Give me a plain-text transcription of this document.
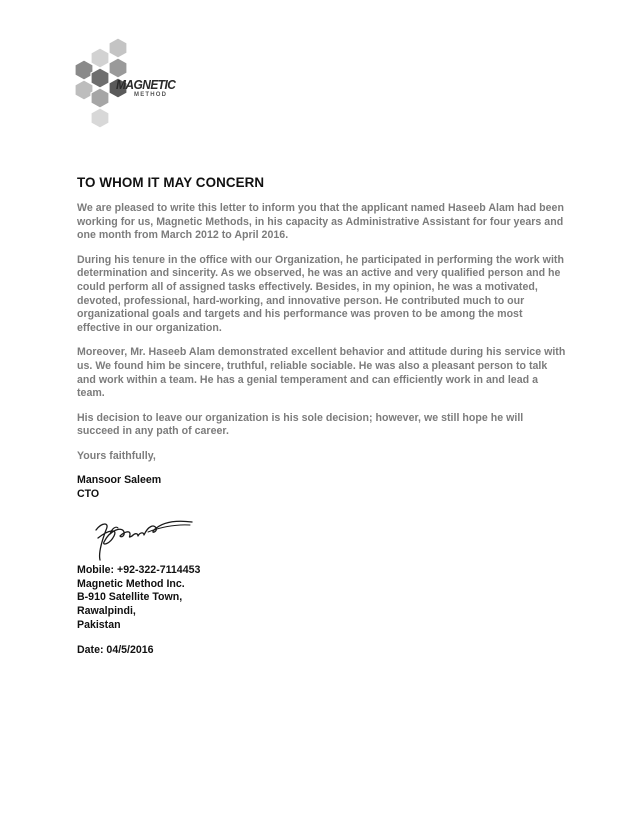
MAGNETIC
METHOD
TO WHOM IT MAY CONCERN

We are pleased to write this letter to inform you that the applicant named Haseeb Alam had been working for us, Magnetic Methods, in his capacity as Administrative Assistant for four years and one month from March 2012 to April 2016.

During his tenure in the office with our Organization, he participated in performing the work with determination and sincerity. As we observed, he was an active and very qualified person and he could perform all of assigned tasks effectively. Besides, in my opinion, he was a motivated, devoted, professional, hard-working, and innovative person. He contributed much to our organizational goals and targets and his performance was proven to be among the most effective in our organization.

Moreover, Mr. Haseeb Alam demonstrated excellent behavior and attitude during his service with us. We found him be sincere, truthful, reliable sociable. He was also a pleasant person to talk and work within a team. He has a genial temperament and can efficiently work in and lead a team.

His decision to leave our organization is his sole decision; however, we still hope he will succeed in any path of career.

Yours faithfully,

Mansoor Saleem
CTO
Mobile: +92-322-7114453
Magnetic Method Inc.
B-910 Satellite Town,
Rawalpindi,
Pakistan
Date: 04/5/2016
